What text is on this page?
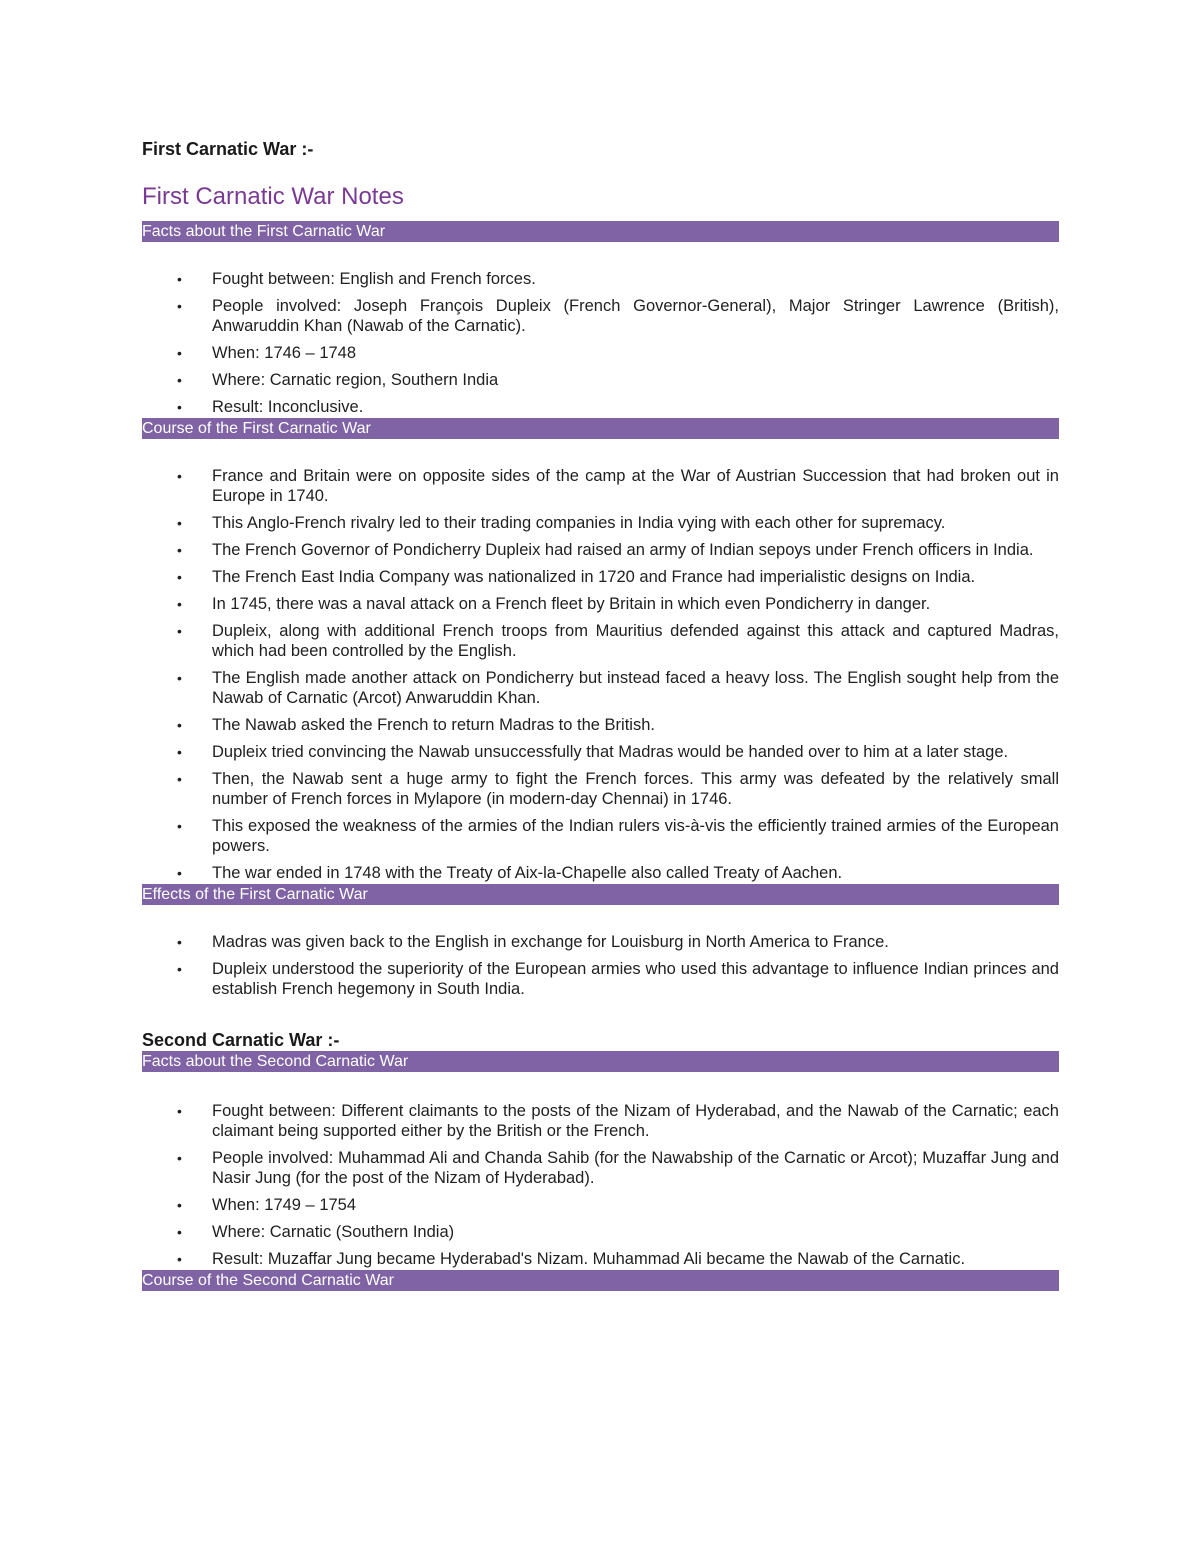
First Carnatic War :-
First Carnatic War Notes
Facts about the First Carnatic War
• Fought between: English and French forces.
• People involved: Joseph François Dupleix (French Governor-General), Major Stringer Lawrence (British), Anwaruddin Khan (Nawab of the Carnatic).
• When: 1746 – 1748
• Where: Carnatic region, Southern India
• Result: Inconclusive.
Course of the First Carnatic War
• France and Britain were on opposite sides of the camp at the War of Austrian Succession that had broken out in Europe in 1740.
• This Anglo-French rivalry led to their trading companies in India vying with each other for supremacy.
• The French Governor of Pondicherry Dupleix had raised an army of Indian sepoys under French officers in India.
• The French East India Company was nationalized in 1720 and France had imperialistic designs on India.
• In 1745, there was a naval attack on a French fleet by Britain in which even Pondicherry in danger.
• Dupleix, along with additional French troops from Mauritius defended against this attack and captured Madras, which had been controlled by the English.
• The English made another attack on Pondicherry but instead faced a heavy loss. The English sought help from the Nawab of Carnatic (Arcot) Anwaruddin Khan.
• The Nawab asked the French to return Madras to the British.
• Dupleix tried convincing the Nawab unsuccessfully that Madras would be handed over to him at a later stage.
• Then, the Nawab sent a huge army to fight the French forces. This army was defeated by the relatively small number of French forces in Mylapore (in modern-day Chennai) in 1746.
• This exposed the weakness of the armies of the Indian rulers vis-à-vis the efficiently trained armies of the European powers.
• The war ended in 1748 with the Treaty of Aix-la-Chapelle also called Treaty of Aachen.
Effects of the First Carnatic War
• Madras was given back to the English in exchange for Louisburg in North America to France.
• Dupleix understood the superiority of the European armies who used this advantage to influence Indian princes and establish French hegemony in South India.
Second Carnatic War :-
Facts about the Second Carnatic War
• Fought between: Different claimants to the posts of the Nizam of Hyderabad, and the Nawab of the Carnatic; each claimant being supported either by the British or the French.
• People involved: Muhammad Ali and Chanda Sahib (for the Nawabship of the Carnatic or Arcot); Muzaffar Jung and Nasir Jung (for the post of the Nizam of Hyderabad).
• When: 1749 – 1754
• Where: Carnatic (Southern India)
• Result: Muzaffar Jung became Hyderabad's Nizam. Muhammad Ali became the Nawab of the Carnatic.
Course of the Second Carnatic War
